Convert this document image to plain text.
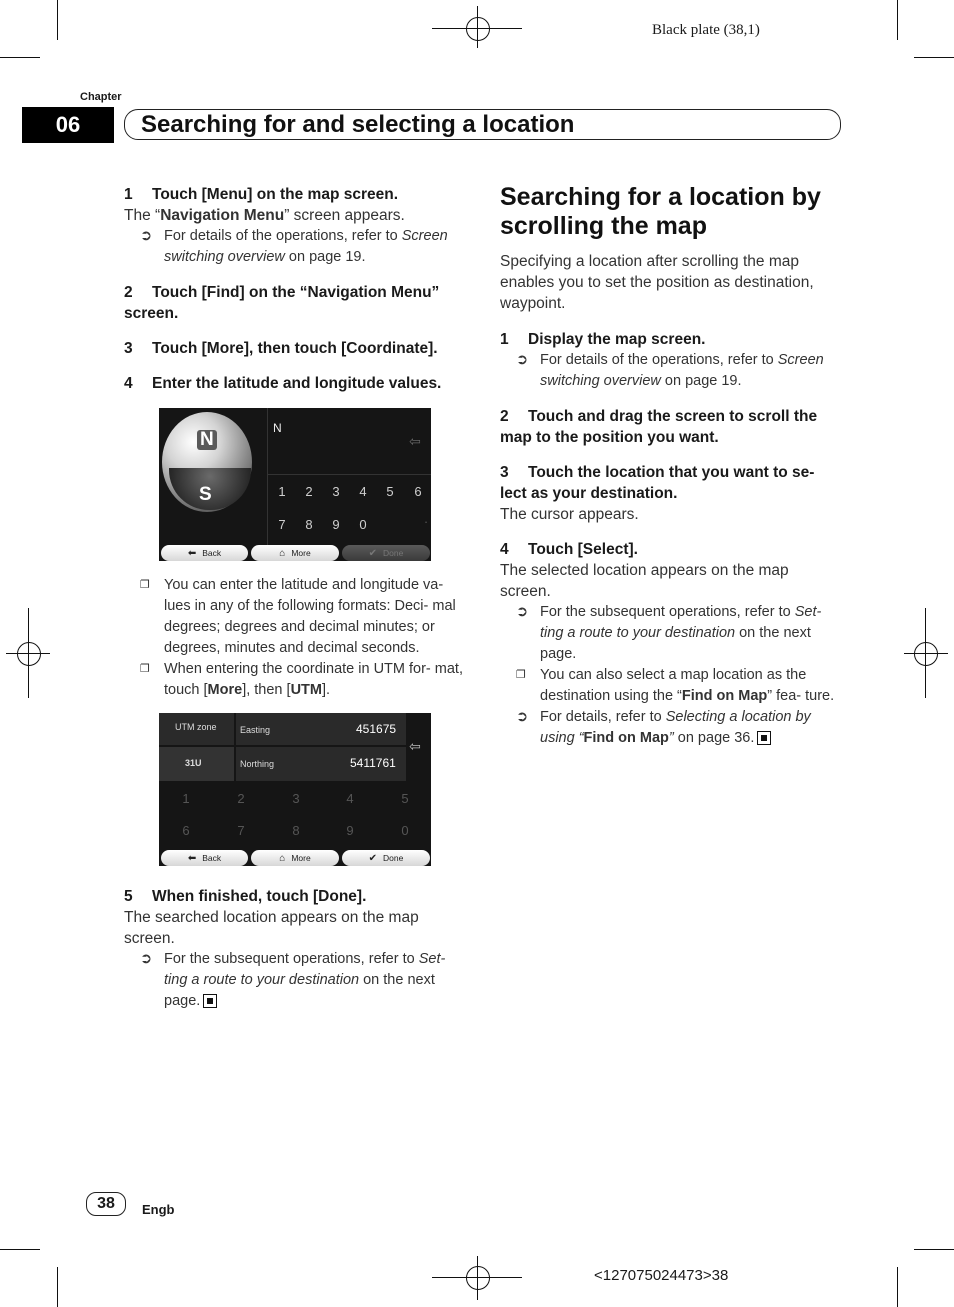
Black plate (38,1)
Chapter
06	Searching for and selecting a location

1 Touch [Menu] on the map screen.

The “Navigation Menu” screen appears.

➲ For details of the operations, refer to Screen switching overview on page 19.

2 Touch [Find] on the “Navigation Menu” screen.

3 Touch [More], then touch [Coordinate].

4 Enter the latitude and longitude values.

N
S
N
⇦
1	2	3	4	5	6
7	8	9	0	·
⬅ Back	⌂ More	✔ Done

❐ You can enter the latitude and longitude va- lues in any of the following formats: Deci- mal degrees; degrees and decimal minutes; or degrees, minutes and decimal seconds.

❐ When entering the coordinate in UTM for- mat, touch [More], then [UTM].

UTM zone
31U
Easting	451675
Northing	5411761
⇦
1	2	3	4	5
6	7	8	9	0
⬅ Back	⌂ More	✔ Done

5 When finished, touch [Done].

The searched location appears on the map screen.

➲ For the subsequent operations, refer to Set- ting a route to your destination on the next page.

Searching for a location by scrolling the map

Specifying a location after scrolling the map enables you to set the position as destination, waypoint.

1 Display the map screen.

➲ For details of the operations, refer to Screen switching overview on page 19.

2 Touch and drag the screen to scroll the map to the position you want.

3 Touch the location that you want to se- lect as your destination.

The cursor appears.

4 Touch [Select].

The selected location appears on the map screen.

➲ For the subsequent operations, refer to Set- ting a route to your destination on the next page.

❐ You can also select a map location as the destination using the “Find on Map” fea- ture.

➲ For details, refer to Selecting a location by using “Find on Map” on page 36.

38	Engb
<127075024473>38
